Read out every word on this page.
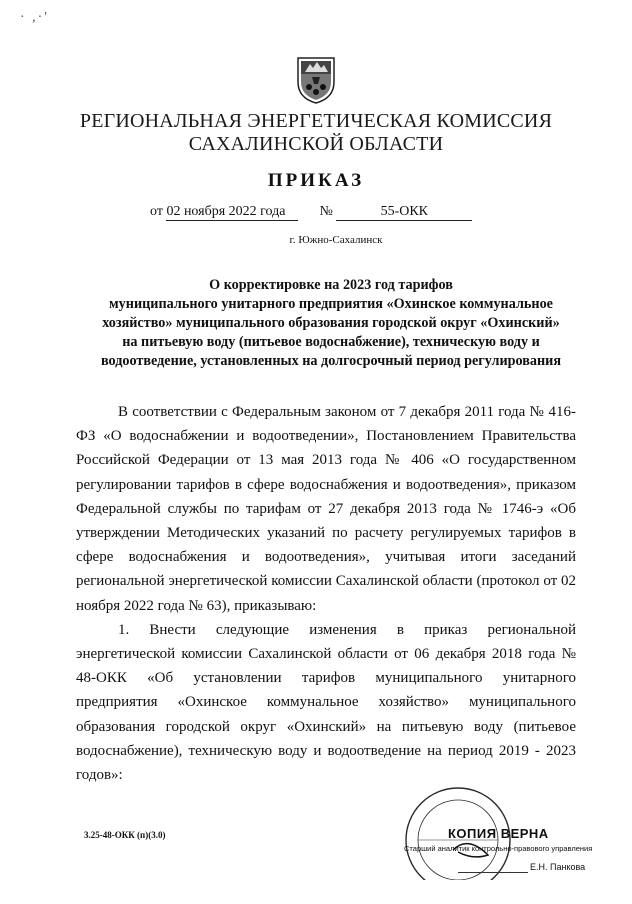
· ,·'
РЕГИОНАЛЬНАЯ ЭНЕРГЕТИЧЕСКАЯ КОМИССИЯ
САХАЛИНСКОЙ ОБЛАСТИ
ПРИКАЗ
от 02 ноября 2022 года №	55-ОКК
г. Южно-Сахалинск
О корректировке на 2023 год тарифов
муниципального унитарного предприятия «Охинское коммунальное
хозяйство» муниципального образования городской округ «Охинский»
на питьевую воду (питьевое водоснабжение), техническую воду и
водоотведение, установленных на долгосрочный период регулирования

В соответствии с Федеральным законом от 7 декабря 2011 года № 416-ФЗ «О водоснабжении и водоотведении», Постановлением Правительства Российской Федерации от 13 мая 2013 года № 406 «О государственном регулировании тарифов в сфере водоснабжения и водоотведения», приказом Федеральной службы по тарифам от 27 декабря 2013 года № 1746-э «Об утверждении Методических указаний по расчету регулируемых тарифов в сфере водоснабжения и водоотведения», учитывая итоги заседаний региональной энергетической комиссии Сахалинской области (протокол от 02 ноября 2022 года № 63), приказываю:

1. Внести следующие изменения в приказ региональной энергетической комиссии Сахалинской области от 06 декабря 2018 года № 48-ОКК «Об установлении тарифов муниципального унитарного предприятия «Охинское коммунальное хозяйство» муниципального образования городской округ «Охинский» на питьевую воду (питьевое водоснабжение), техническую воду и водоотведение на период 2019 - 2023 годов»:

3.25-48-ОКК (п)(3.0)	КОПИЯ ВЕРНА
Старший аналитик контрольно-правового управления
Е.Н. Панкова
